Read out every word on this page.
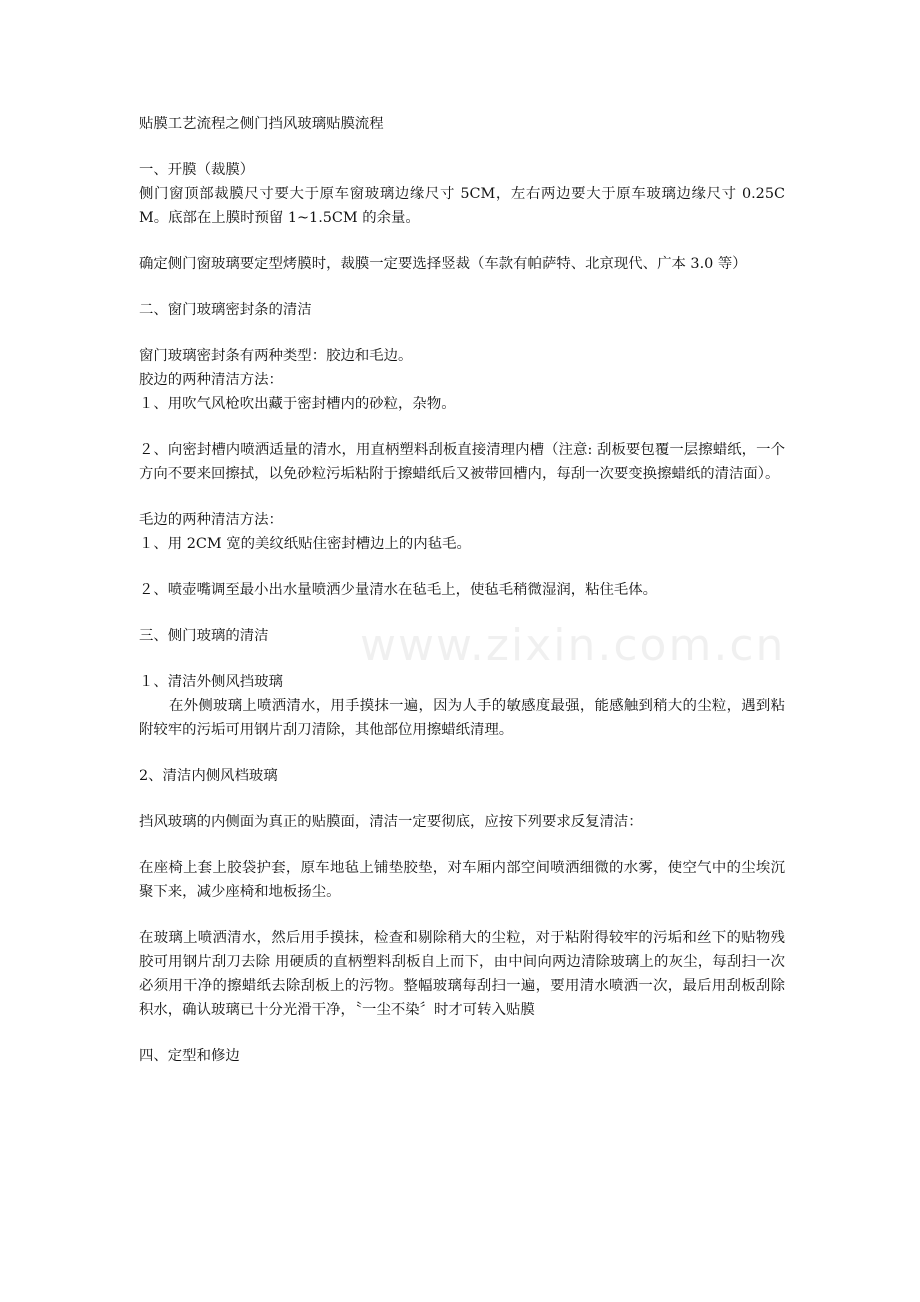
www.zixin.com.cn

贴膜工艺流程之侧门挡风玻璃贴膜流程

一、开膜（裁膜）

侧门窗顶部裁膜尺寸要大于原车窗玻璃边缘尺寸 5CM，左右两边要大于原车玻璃边缘尺寸 0.25CM。底部在上膜时预留 1~1.5CM 的余量。

确定侧门窗玻璃要定型烤膜时，裁膜一定要选择竖裁（车款有帕萨特、北京现代、广本 3.0 等）

二、窗门玻璃密封条的清洁

窗门玻璃密封条有两种类型：胶边和毛边。

胶边的两种清洁方法：

１、用吹气风枪吹出藏于密封槽内的砂粒，杂物。

２、向密封槽内喷洒适量的清水，用直柄塑料刮板直接清理内槽（注意: 刮板要包覆一层擦蜡纸，一个方向不要来回擦拭，以免砂粒污垢粘附于擦蜡纸后又被带回槽内，每刮一次要变换擦蜡纸的清洁面）。

毛边的两种清洁方法：

１、用 2CM 宽的美纹纸贴住密封槽边上的内毡毛。

２、喷壶嘴调至最小出水量喷洒少量清水在毡毛上，使毡毛稍微湿润，粘住毛体。

三、侧门玻璃的清洁

１、清洁外侧风挡玻璃

在外侧玻璃上喷洒清水，用手摸抹一遍，因为人手的敏感度最强，能感触到稍大的尘粒，遇到粘附较牢的污垢可用钢片刮刀清除，其他部位用擦蜡纸清理。

2、清洁内侧风档玻璃

挡风玻璃的内侧面为真正的贴膜面，清洁一定要彻底，应按下列要求反复清洁：

在座椅上套上胶袋护套，原车地毡上铺垫胶垫，对车厢内部空间喷洒细微的水雾，使空气中的尘埃沉聚下来，减少座椅和地板扬尘。

在玻璃上喷洒清水，然后用手摸抹，检查和剔除稍大的尘粒，对于粘附得较牢的污垢和丝下的贴物残胶可用钢片刮刀去除 用硬质的直柄塑料刮板自上而下，由中间向两边清除玻璃上的灰尘，每刮扫一次必须用干净的擦蜡纸去除刮板上的污物。整幅玻璃每刮扫一遍，要用清水喷洒一次，最后用刮板刮除积水，确认玻璃已十分光滑干净，〝一尘不染〞时才可转入贴膜

四、定型和修边
